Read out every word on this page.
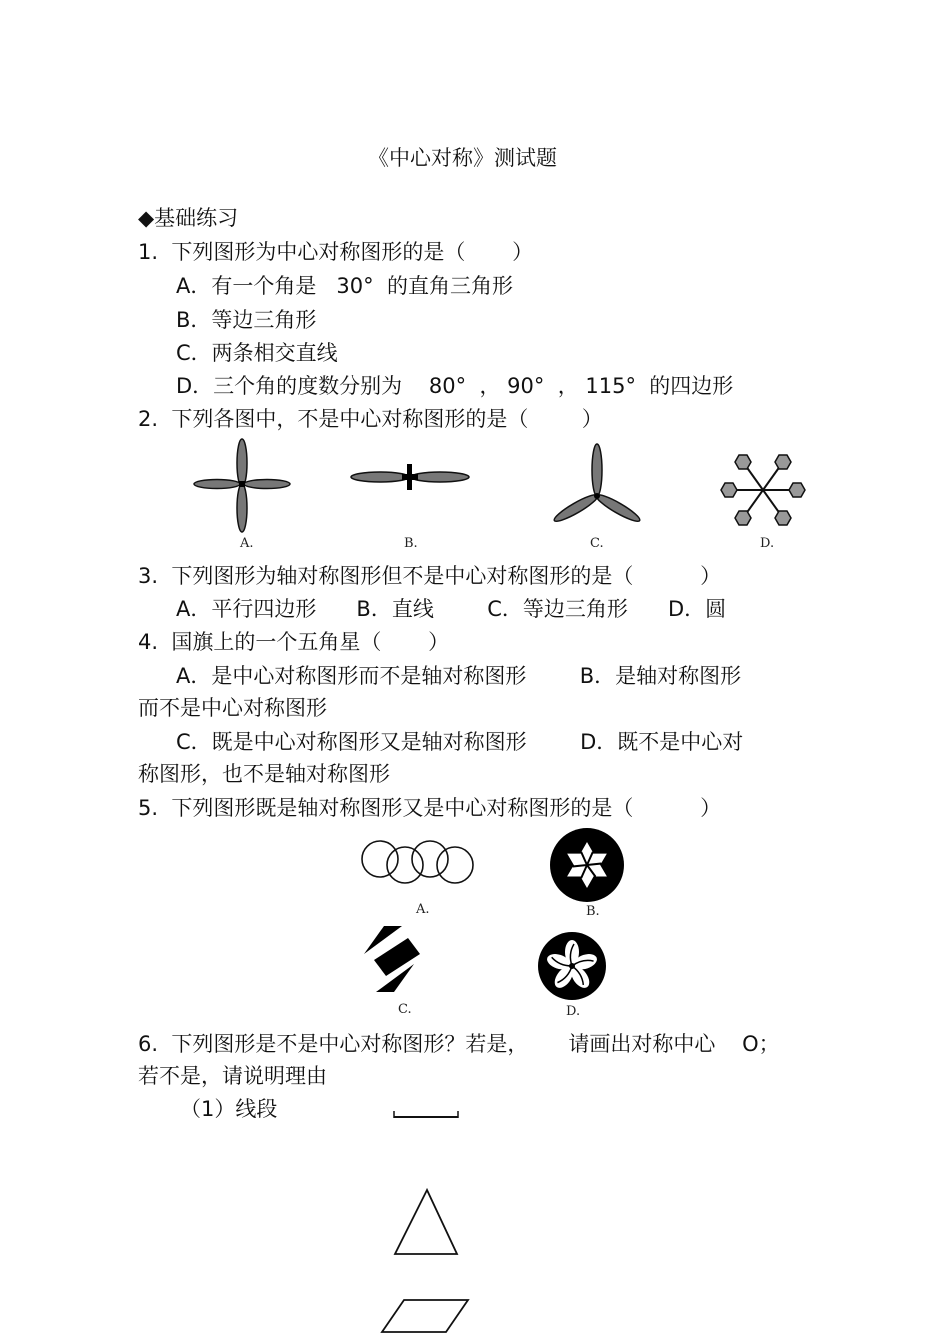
《中心对称》测试题
◆基础练习
1.  下列图形为中心对称图形的是（       ）
A．有一个角是   30°  的直角三角形
B．等边三角形
C．两条相交直线
D．三个角的度数分别为    80°  ， 90°  ， 115°  的四边形
2.  下列各图中，不是中心对称图形的是（        ）
A.	B.	C.	D.
3.  下列图形为轴对称图形但不是中心对称图形的是（          ）
A．平行四边形      B．直线        C．等边三角形      D．圆
4.  国旗上的一个五角星（       ）
A．是中心对称图形而不是轴对称图形        B．是轴对称图形
而不是中心对称图形
C．既是中心对称图形又是轴对称图形        D．既不是中心对
称图形，也不是轴对称图形
5.  下列图形既是轴对称图形又是中心对称图形的是（          ）
A.	B.
C.	D.
6.  下列图形是不是中心对称图形？若是，      请画出对称中心    O；
若不是，请说明理由
（1）线段
